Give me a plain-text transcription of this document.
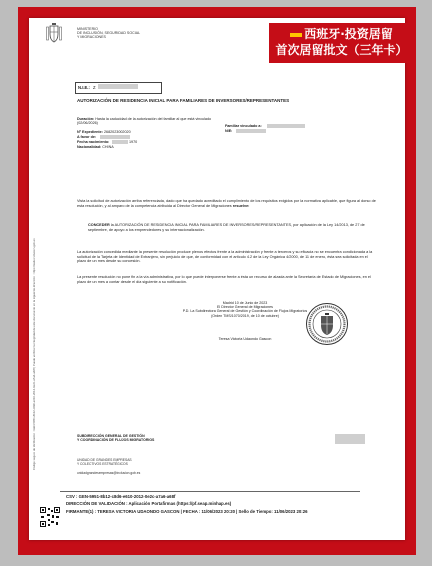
MINISTERIO
DE INCLUSIÓN, SEGURIDAD SOCIAL
Y MIGRACIONES	西班牙·投资居留
首次居留批文（三年卡）
Código seguro de Verificación : GEN-5951-8b12-c8d6-e610-2012-0e2c-a7a6-a68f | Puede verificar la integridad de este documento en la siguiente dirección : https://sede.inclusion.gob.es
N.I.E.: Z
AUTORIZACIÓN DE RESIDENCIA INICIAL PARA FAMILIARES DE INVERSORES/REPRESENTANTES
Duración: Hasta la caducidad de la autorización del familiar al que está vinculado (02/06/2026)
Nº Expediente: 2682023002020
A favor de:
Fecha nacimiento:	1970
Nacionalidad: CHINA
Familiar vinculado a:
NIE:
Vista la solicitud de autorización arriba referenciada, dado que ha quedado acreditado el cumplimiento de los requisitos exigidos por la normativa aplicable, que figura al dorso de esta resolución, y al amparo de la competencia atribuida al Director General de Migraciones resuelve:
CONCEDER la AUTORIZACIÓN DE RESIDENCIA INICIAL PARA FAMILIARES DE INVERSORES/REPRESENTANTES, por aplicación de la Ley 14/2013, de 27 de septiembre, de apoyo a los emprendedores y su internacionalización.
La autorización concedida mediante la presente resolución produce plenos efectos frente a la administración y frente a terceros y su eficacia no se encuentra condicionada a la solicitud de la Tarjeta de Identidad de Extranjero, sin perjuicio de que, de conformidad con el artículo 4.2 de la Ley Orgánica 4/2000, de 11 de enero, ésta sea solicitada en el plazo de un mes desde su concesión.
La presente resolución no pone fin a la vía administrativa, por lo que puede interponerse frente a ésta un recurso de alzada ante la Secretaría de Estado de Migraciones, en el plazo de un mes a contar desde el día siguiente a su notificación.
Madrid 10 de Junio de 2023
El Director General de Migraciones
P.D. La Subdirectora General de Gestión y Coordinación de Flujos Migratorios
(Orden TMS/1070/2019, de 10 de octubre)
Teresa Victoria Udaondo Gascon
SUBDIRECCIÓN GENERAL DE GESTIÓN
Y COORDINACIÓN DE FLUJOS MIGRATORIOS
UNIDAD DE GRANDES EMPRESAS
Y COLECTIVOS ESTRATÉGICOS
unidadgrandesempresas@inclusion.gob.es
CSV : GEN-5951-8b12-c8d6-e610-2012-0e2c-a7a6-a68f
DIRECCIÓN DE VALIDACIÓN : Aplicación Portafirmas (https://pf.seap.minhap.es)
FIRMANTE(1) : TERESA VICTORIA UDAONDO GASCON | FECHA : 11/06/2023 20:20 | Sello de Tiempo: 11/06/2023 20:26
